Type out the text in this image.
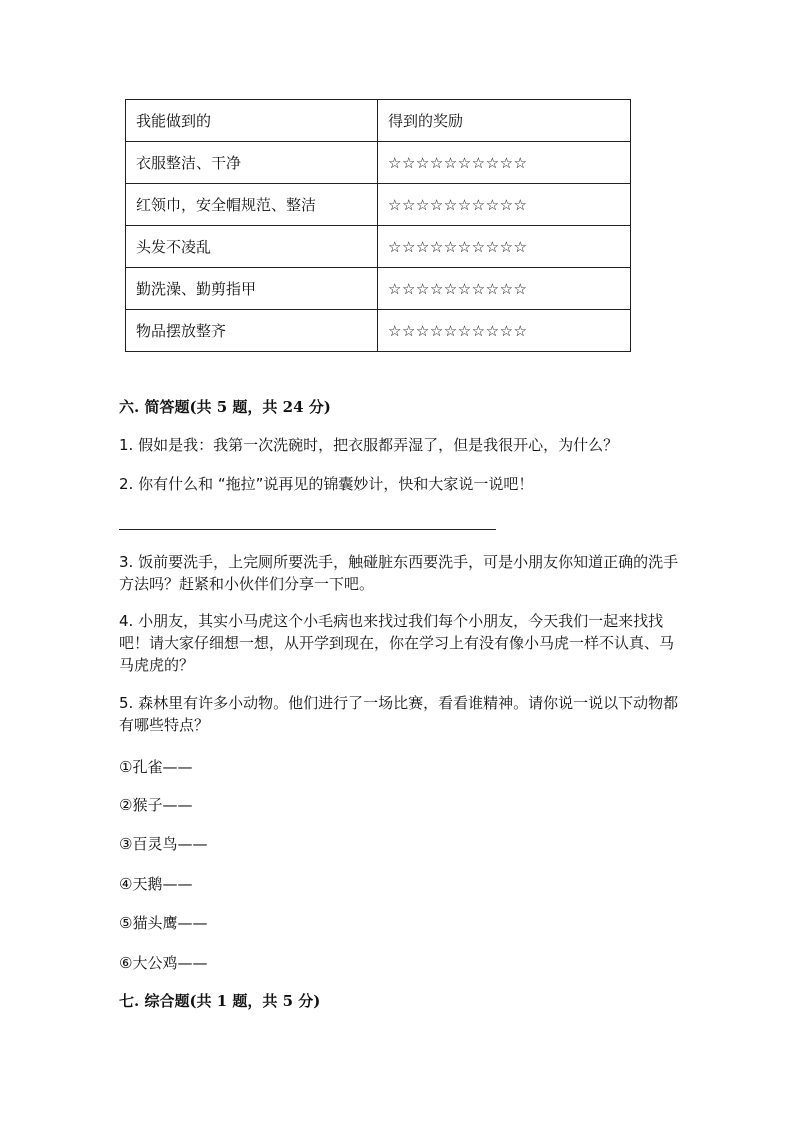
我能做到的	得到的奖励
衣服整洁、干净	☆☆☆☆☆☆☆☆☆☆
红领巾，安全帽规范、整洁	☆☆☆☆☆☆☆☆☆☆
头发不凌乱	☆☆☆☆☆☆☆☆☆☆
勤洗澡、勤剪指甲	☆☆☆☆☆☆☆☆☆☆
物品摆放整齐	☆☆☆☆☆☆☆☆☆☆
六. 简答题(共 5 题，共 24 分)

1. 假如是我：我第一次洗碗时，把衣服都弄湿了，但是我很开心，为什么？

2. 你有什么和 “拖拉”说再见的锦囊妙计，快和大家说一说吧！

3. 饭前要洗手，上完厕所要洗手，触碰脏东西要洗手，可是小朋友你知道正确的洗手方法吗？赶紧和小伙伴们分享一下吧。

4. 小朋友，其实小马虎这个小毛病也来找过我们每个小朋友，今天我们一起来找找吧！请大家仔细想一想，从开学到现在，你在学习上有没有像小马虎一样不认真、马马虎虎的？

5. 森林里有许多小动物。他们进行了一场比赛，看看谁精神。请你说一说以下动物都有哪些特点？

①孔雀——
②猴子——
③百灵鸟——
④天鹅——
⑤猫头鹰——
⑥大公鸡——
七. 综合题(共 1 题，共 5 分)
